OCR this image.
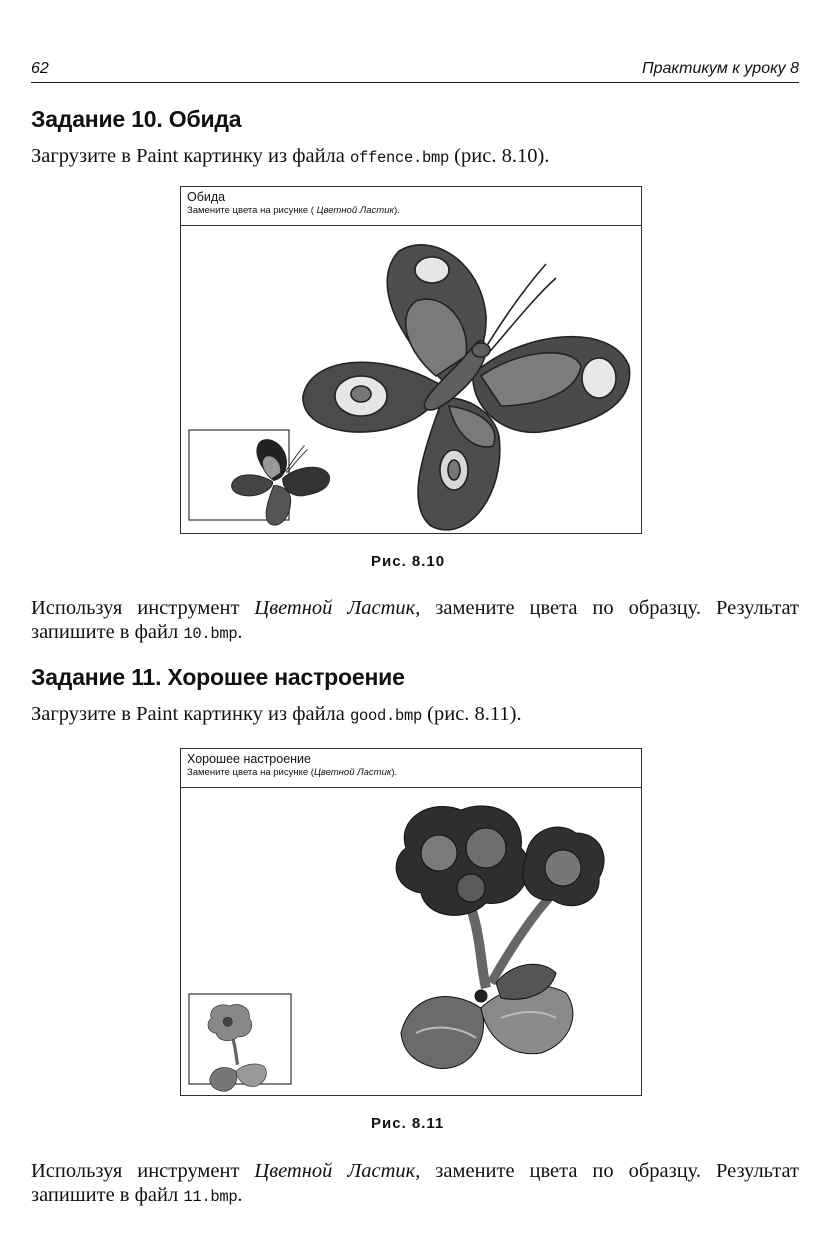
62	Практикум к уроку 8
Задание 10. Обида
Загрузите в Paint картинку из файла offence.bmp (рис. 8.10).
Обида
Замените цвета на рисунке ( Цветной Ластик).
Рис. 8.10
Используя инструмент Цветной Ластик, замените цвета по образцу. Результат запишите в файл 10.bmp.
Задание 11. Хорошее настроение
Загрузите в Paint картинку из файла good.bmp (рис. 8.11).
Хорошее настроение
Замените цвета на рисунке (Цветной Ластик).
Рис. 8.11
Используя инструмент Цветной Ластик, замените цвета по образцу. Результат запишите в файл 11.bmp.
